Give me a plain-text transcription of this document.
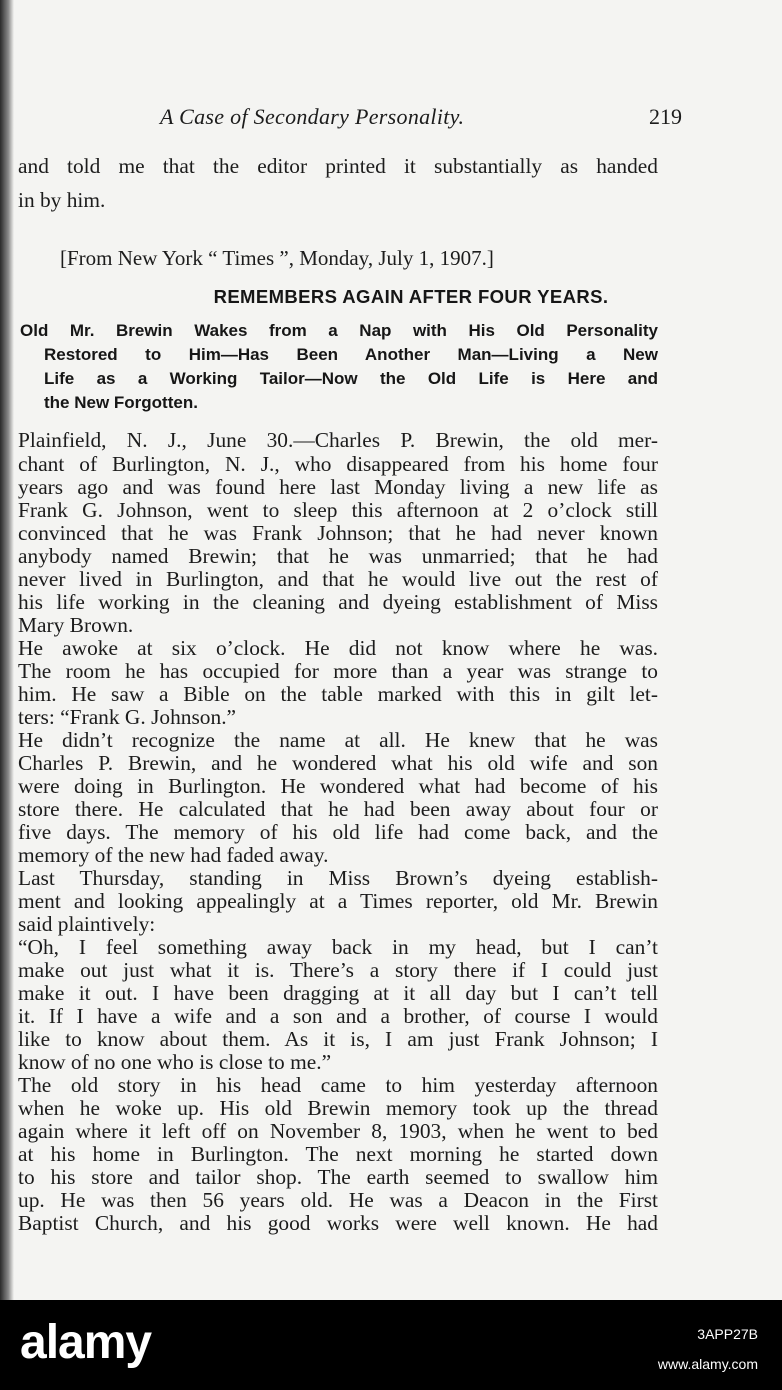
A Case of Secondary Personality.	219
and told me that the editor printed it substantially as handed
in by him.
[From New York “ Times ”, Monday, July 1, 1907.]
REMEMBERS AGAIN AFTER FOUR YEARS.
Old Mr. Brewin Wakes from a Nap with His Old Personality
Restored to Him—Has Been Another Man—Living a New
Life as a Working Tailor—Now the Old Life is Here and
the New Forgotten.
Plainfield, N. J., June 30.—Charles P. Brewin, the old mer-
chant of Burlington, N. J., who disappeared from his home four
years ago and was found here last Monday living a new life as
Frank G. Johnson, went to sleep this afternoon at 2 o’clock still
convinced that he was Frank Johnson; that he had never known
anybody named Brewin; that he was unmarried; that he had
never lived in Burlington, and that he would live out the rest of
his life working in the cleaning and dyeing establishment of Miss
Mary Brown.
He awoke at six o’clock. He did not know where he was.
The room he has occupied for more than a year was strange to
him. He saw a Bible on the table marked with this in gilt let-
ters: “Frank G. Johnson.”
He didn’t recognize the name at all. He knew that he was
Charles P. Brewin, and he wondered what his old wife and son
were doing in Burlington. He wondered what had become of his
store there. He calculated that he had been away about four or
five days. The memory of his old life had come back, and the
memory of the new had faded away.
Last Thursday, standing in Miss Brown’s dyeing establish-
ment and looking appealingly at a Times reporter, old Mr. Brewin
said plaintively:
“Oh, I feel something away back in my head, but I can’t
make out just what it is. There’s a story there if I could just
make it out. I have been dragging at it all day but I can’t tell
it. If I have a wife and a son and a brother, of course I would
like to know about them. As it is, I am just Frank Johnson; I
know of no one who is close to me.”
The old story in his head came to him yesterday afternoon
when he woke up. His old Brewin memory took up the thread
again where it left off on November 8, 1903, when he went to bed
at his home in Burlington. The next morning he started down
to his store and tailor shop. The earth seemed to swallow him
up. He was then 56 years old. He was a Deacon in the First
Baptist Church, and his good works were well known. He had
alamy	3APP27B
www.alamy.com
